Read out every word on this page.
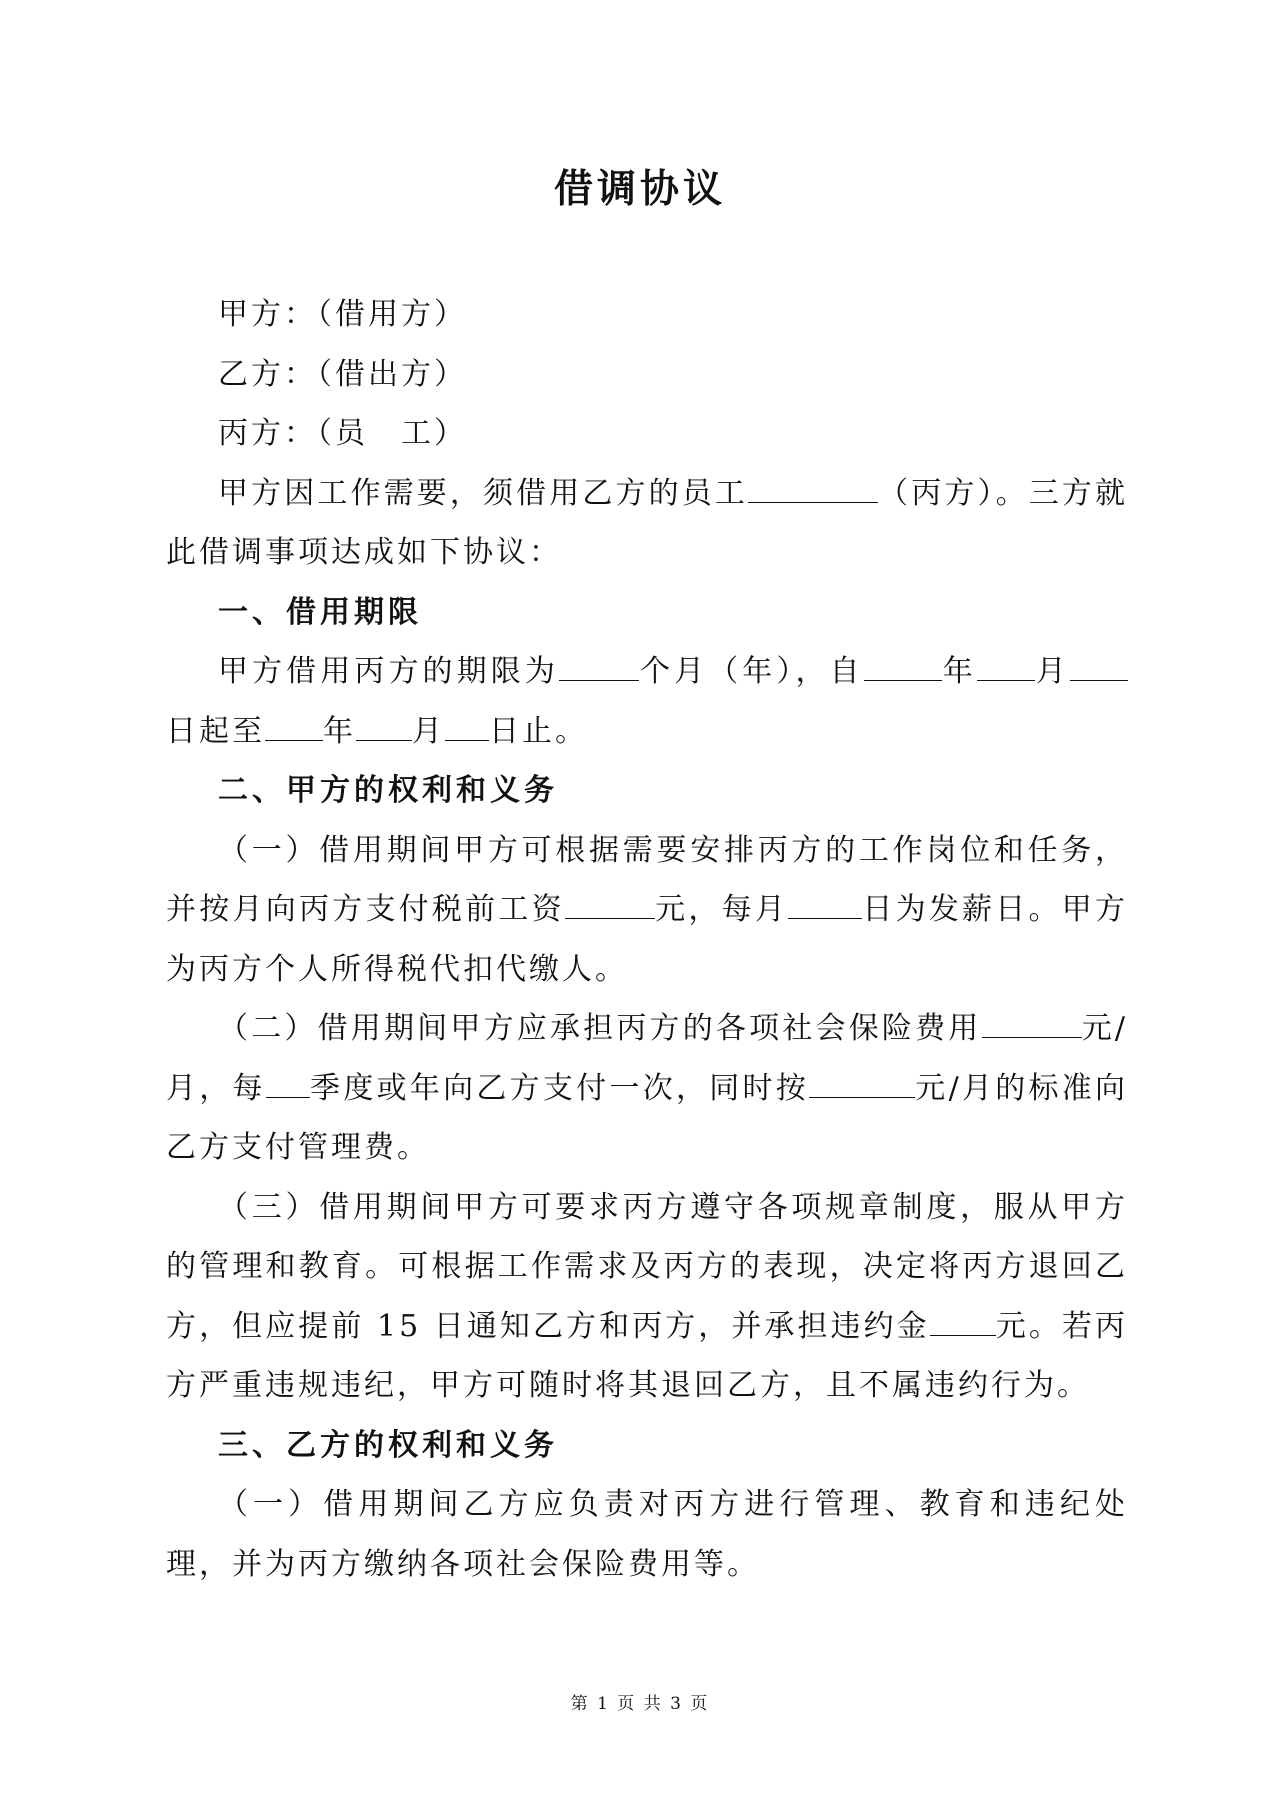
借调协议

甲方：（借用方）

乙方：（借出方）

丙方：（员　工）

甲方因工作需要，须借用乙方的员工	（丙方）。三方就此借调事项达成如下协议：

一、借用期限

甲方借用丙方的期限为	个月（年），自	年 月日起至 年 月 日止。

二、甲方的权利和义务

（一）借用期间甲方可根据需要安排丙方的工作岗位和任务，并按月向丙方支付税前工资	元，每月 日为发薪日。甲方为丙方个人所得税代扣代缴人。

（二）借用期间甲方应承担丙方的各项社会保险费用	元/月，每 季度或年向乙方支付一次，同时按	元/月的标准向乙方支付管理费。

（三）借用期间甲方可要求丙方遵守各项规章制度，服从甲方的管理和教育。可根据工作需求及丙方的表现，决定将丙方退回乙方，但应提前 15 日通知乙方和丙方，并承担违约金 元。若丙方严重违规违纪，甲方可随时将其退回乙方，且不属违约行为。

三、乙方的权利和义务

（一）借用期间乙方应负责对丙方进行管理、教育和违纪处理，并为丙方缴纳各项社会保险费用等。

第 1 页 共 3 页
